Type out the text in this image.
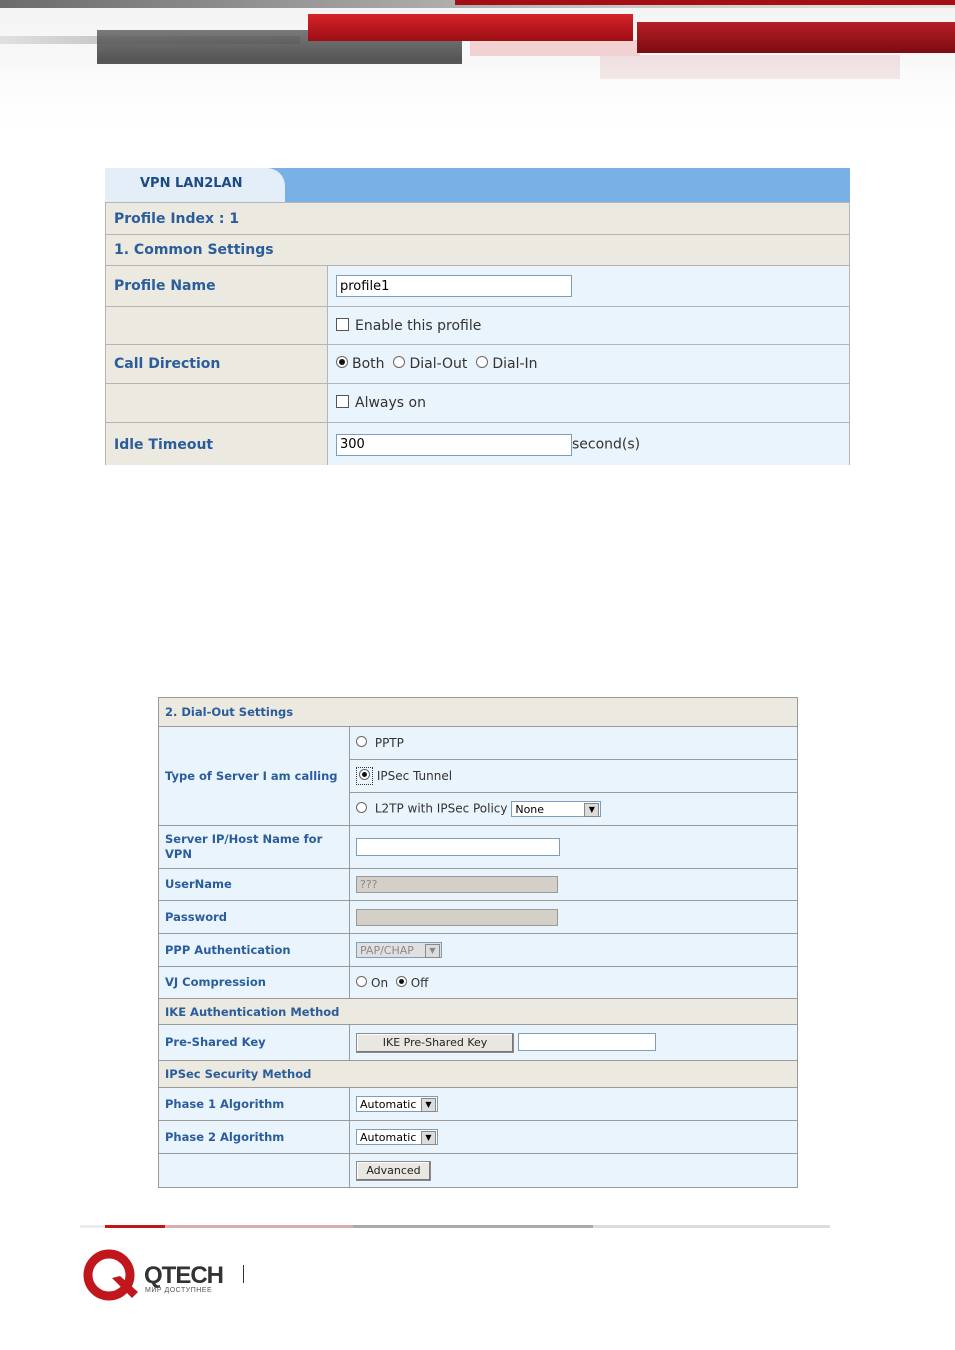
VPN LAN2LAN
Profile Index : 1	
1. Common Settings	
Profile Name	profile1
	Enable this profile
Call Direction	Both Dial-Out Dial-In
	Always on
Idle Timeout	300second(s)
2. Dial-Out Settings	
Type of Server I am calling	PPTP
	IPSec Tunnel
	L2TP with IPSec Policy None ▼

Server IP/Host Name for VPN	
UserName	???
Password	
PPP Authentication	PAP/CHAP ▼

VJ Compression	On Off
IKE Authentication Method	
Pre-Shared Key	IKE Pre-Shared Key
IPSec Security Method	
Phase 1 Algorithm	Automatic ▼

Phase 2 Algorithm	Automatic ▼

	Advanced
QTECH
МИР ДОСТУПНЕЕ
